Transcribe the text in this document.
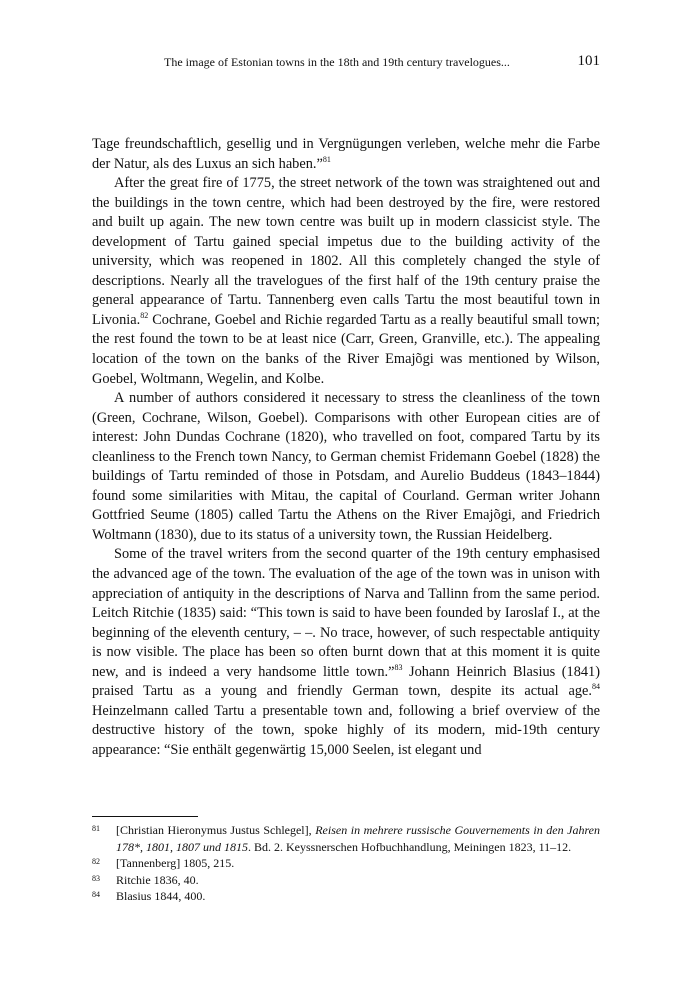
The image of Estonian towns in the 18th and 19th century travelogues...	101

Tage freundschaftlich, gesellig und in Vergnügungen verleben, welche mehr die Farbe der Natur, als des Luxus an sich haben.”$^{81}$

After the great fire of 1775, the street network of the town was straightened out and the buildings in the town centre, which had been destroyed by the fire, were restored and built up again. The new town centre was built up in modern classicist style. The development of Tartu gained special impetus due to the building activity of the university, which was reopened in 1802. All this completely changed the style of descriptions. Nearly all the travelogues of the first half of the 19th century praise the general appearance of Tartu. Tannenberg even calls Tartu the most beautiful town in Livonia.$^{82}$ Cochrane, Goebel and Richie regarded Tartu as a really beautiful small town; the rest found the town to be at least nice (Carr, Green, Granville, etc.). The appealing location of the town on the banks of the River Emajõgi was mentioned by Wilson, Goebel, Woltmann, Wegelin, and Kolbe.

A number of authors considered it necessary to stress the cleanliness of the town (Green, Cochrane, Wilson, Goebel). Comparisons with other European cities are of interest: John Dundas Cochrane (1820), who travelled on foot, compared Tartu by its cleanliness to the French town Nancy, to German chemist Fridemann Goebel (1828) the buildings of Tartu reminded of those in Potsdam, and Aurelio Buddeus (1843–1844) found some similarities with Mitau, the capital of Courland. German writer Johann Gottfried Seume (1805) called Tartu the Athens on the River Emajõgi, and Friedrich Woltmann (1830), due to its status of a university town, the Russian Heidelberg.

Some of the travel writers from the second quarter of the 19th century emphasised the advanced age of the town. The evaluation of the age of the town was in unison with appreciation of antiquity in the descriptions of Narva and Tallinn from the same period. Leitch Ritchie (1835) said: “This town is said to have been founded by Iaroslaf I., at the beginning of the eleventh century, – –. No trace, however, of such respectable antiquity is now visible. The place has been so often burnt down that at this moment it is quite new, and is indeed a very handsome little town.”$^{83}$ Johann Heinrich Blasius (1841) praised Tartu as a young and friendly German town, despite its actual age.$^{84}$ Heinzelmann called Tartu a presentable town and, following a brief overview of the destructive history of the town, spoke highly of its modern, mid-19th century appearance: “Sie enthält gegenwärtig 15,000 Seelen, ist elegant und

81	[Christian Hieronymus Justus Schlegel], Reisen in mehrere russische Gouvernements in den Jahren 178*, 1801, 1807 und 1815. Bd. 2. Keyssnerschen Hofbuchhandlung, Meiningen 1823, 11–12.
82	[Tannenberg] 1805, 215.
83	Ritchie 1836, 40.
84	Blasius 1844, 400.
